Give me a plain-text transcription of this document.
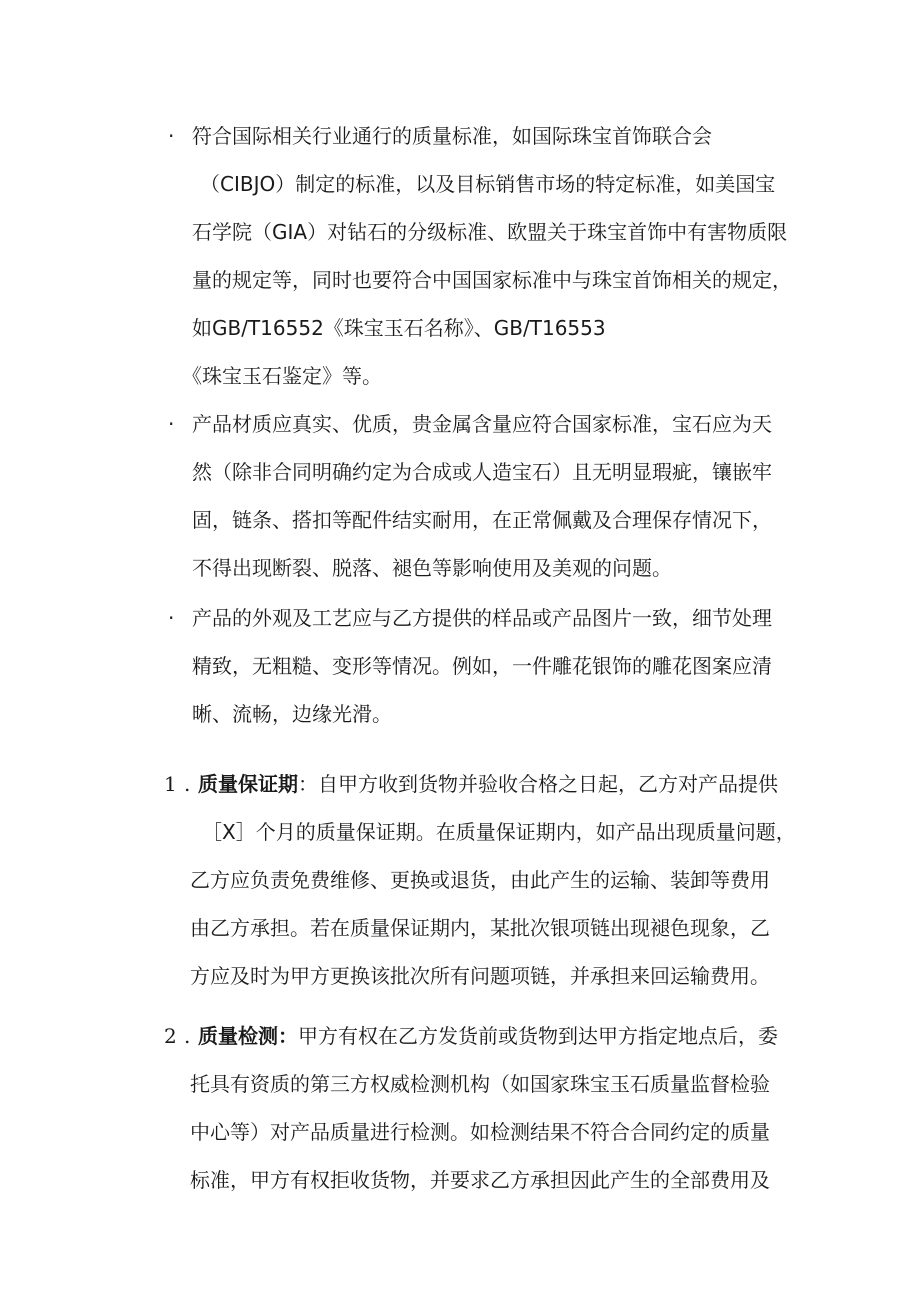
· 符合国际相关行业通行的质量标准，如国际珠宝首饰联合会
（CIBJO）制定的标准，以及目标销售市场的特定标准，如美国宝
石学院（GIA）对钻石的分级标准、欧盟关于珠宝首饰中有害物质限
量的规定等，同时也要符合中国国家标准中与珠宝首饰相关的规定，
如GB/T16552《珠宝玉石名称》、GB/T16553
《珠宝玉石鉴定》等。
· 产品材质应真实、优质，贵金属含量应符合国家标准，宝石应为天
然（除非合同明确约定为合成或人造宝石）且无明显瑕疵，镶嵌牢
固，链条、搭扣等配件结实耐用，在正常佩戴及合理保存情况下，
不得出现断裂、脱落、褪色等影响使用及美观的问题。
· 产品的外观及工艺应与乙方提供的样品或产品图片一致，细节处理
精致，无粗糙、变形等情况。例如，一件雕花银饰的雕花图案应清
晰、流畅，边缘光滑。
1 . 质量保证期：自甲方收到货物并验收合格之日起，乙方对产品提供
［X］个月的质量保证期。在质量保证期内，如产品出现质量问题，
乙方应负责免费维修、更换或退货，由此产生的运输、装卸等费用
由乙方承担。若在质量保证期内，某批次银项链出现褪色现象，乙
方应及时为甲方更换该批次所有问题项链，并承担来回运输费用。
2 . 质量检测：甲方有权在乙方发货前或货物到达甲方指定地点后，委
托具有资质的第三方权威检测机构（如国家珠宝玉石质量监督检验
中心等）对产品质量进行检测。如检测结果不符合合同约定的质量
标准，甲方有权拒收货物，并要求乙方承担因此产生的全部费用及
